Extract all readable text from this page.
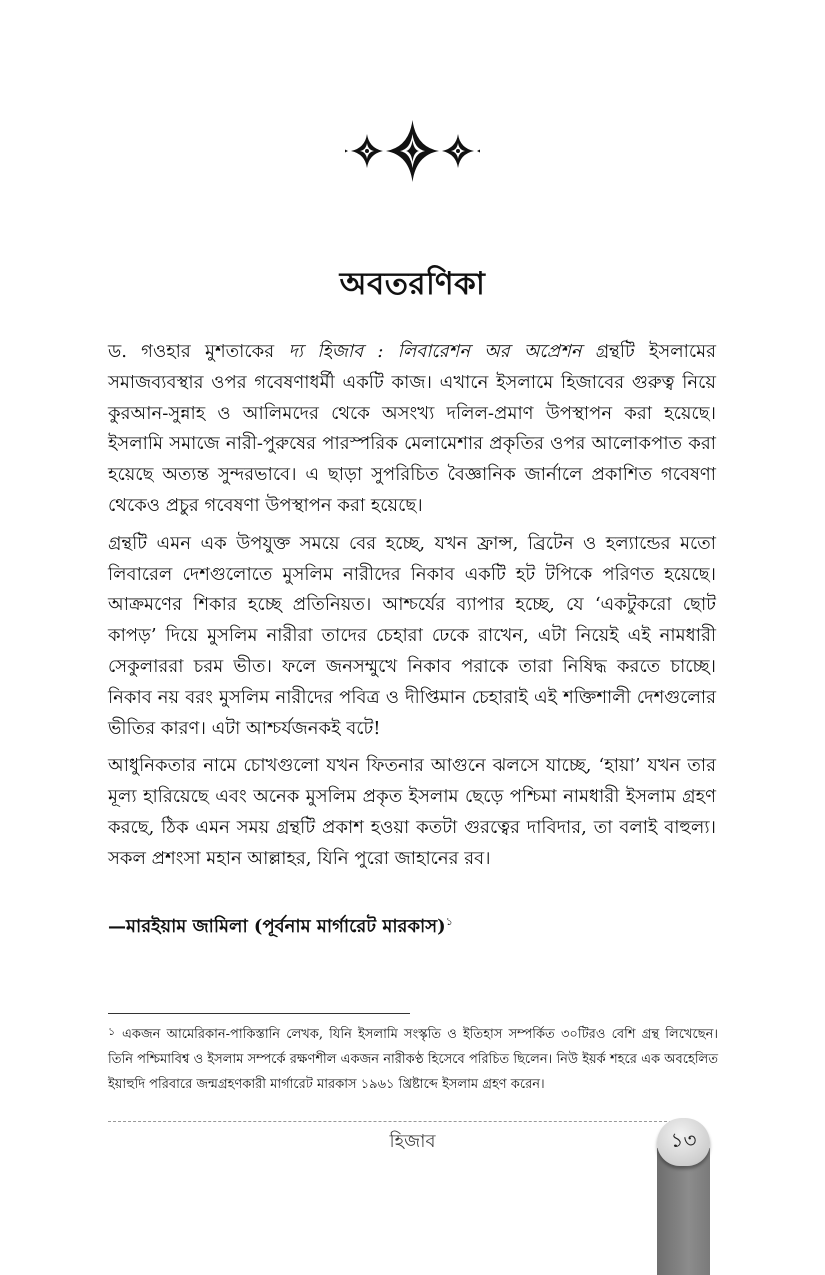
অবতরণিকা

ড. গওহার মুশতাকের দ্য হিজাব : লিবারেশন অর অপ্রেশন গ্রন্থটি ইসলামের সমাজব্যবস্থার ওপর গবেষণাধর্মী একটি কাজ। এখানে ইসলামে হিজাবের গুরুত্ব নিয়ে কুরআন-সুন্নাহ ও আলিমদের থেকে অসংখ্য দলিল-প্রমাণ উপস্থাপন করা হয়েছে। ইসলামি সমাজে নারী-পুরুষের পারস্পরিক মেলামেশার প্রকৃতির ওপর আলোকপাত করা হয়েছে অত্যন্ত সুন্দরভাবে। এ ছাড়া সুপরিচিত বৈজ্ঞানিক জার্নালে প্রকাশিত গবেষণা থেকেও প্রচুর গবেষণা উপস্থাপন করা হয়েছে।

গ্রন্থটি এমন এক উপযুক্ত সময়ে বের হচ্ছে, যখন ফ্রান্স, ব্রিটেন ও হল্যান্ডের মতো লিবারেল দেশগুলোতে মুসলিম নারীদের নিকাব একটি হট টপিকে পরিণত হয়েছে। আক্রমণের শিকার হচ্ছে প্রতিনিয়ত। আশ্চর্যের ব্যাপার হচ্ছে, যে ‘একটুকরো ছোট কাপড়’ দিয়ে মুসলিম নারীরা তাদের চেহারা ঢেকে রাখেন, এটা নিয়েই এই নামধারী সেকুলাররা চরম ভীত। ফলে জনসম্মুখে নিকাব পরাকে তারা নিষিদ্ধ করতে চাচ্ছে। নিকাব নয় বরং মুসলিম নারীদের পবিত্র ও দীপ্তিমান চেহারাই এই শক্তিশালী দেশগুলোর ভীতির কারণ। এটা আশ্চর্যজনকই বটে!

আধুনিকতার নামে চোখগুলো যখন ফিতনার আগুনে ঝলসে যাচ্ছে, ‘হায়া’ যখন তার মূল্য হারিয়েছে এবং অনেক মুসলিম প্রকৃত ইসলাম ছেড়ে পশ্চিমা নামধারী ইসলাম গ্রহণ করছে, ঠিক এমন সময় গ্রন্থটি প্রকাশ হওয়া কতটা গুরত্বের দাবিদার, তা বলাই বাহুল্য। সকল প্রশংসা মহান আল্লাহর, যিনি পুরো জাহানের রব।

—মারইয়াম জামিলা (পূর্বনাম মার্গারেট মারকাস)$^১$
১ একজন আমেরিকান-পাকিস্তানি লেখক, যিনি ইসলামি সংস্কৃতি ও ইতিহাস সম্পর্কিত ৩০টিরও বেশি গ্রন্থ লিখেছেন। তিনি পশ্চিমাবিশ্ব ও ইসলাম সম্পর্কে রক্ষণশীল একজন নারীকণ্ঠ হিসেবে পরিচিত ছিলেন। নিউ ইয়র্ক শহরে এক অবহেলিত ইয়াহুদি পরিবারে জন্মগ্রহণকারী মার্গারেট মারকাস ১৯৬১ খ্রিষ্টাব্দে ইসলাম গ্রহণ করেন।
হিজাব	১৩
